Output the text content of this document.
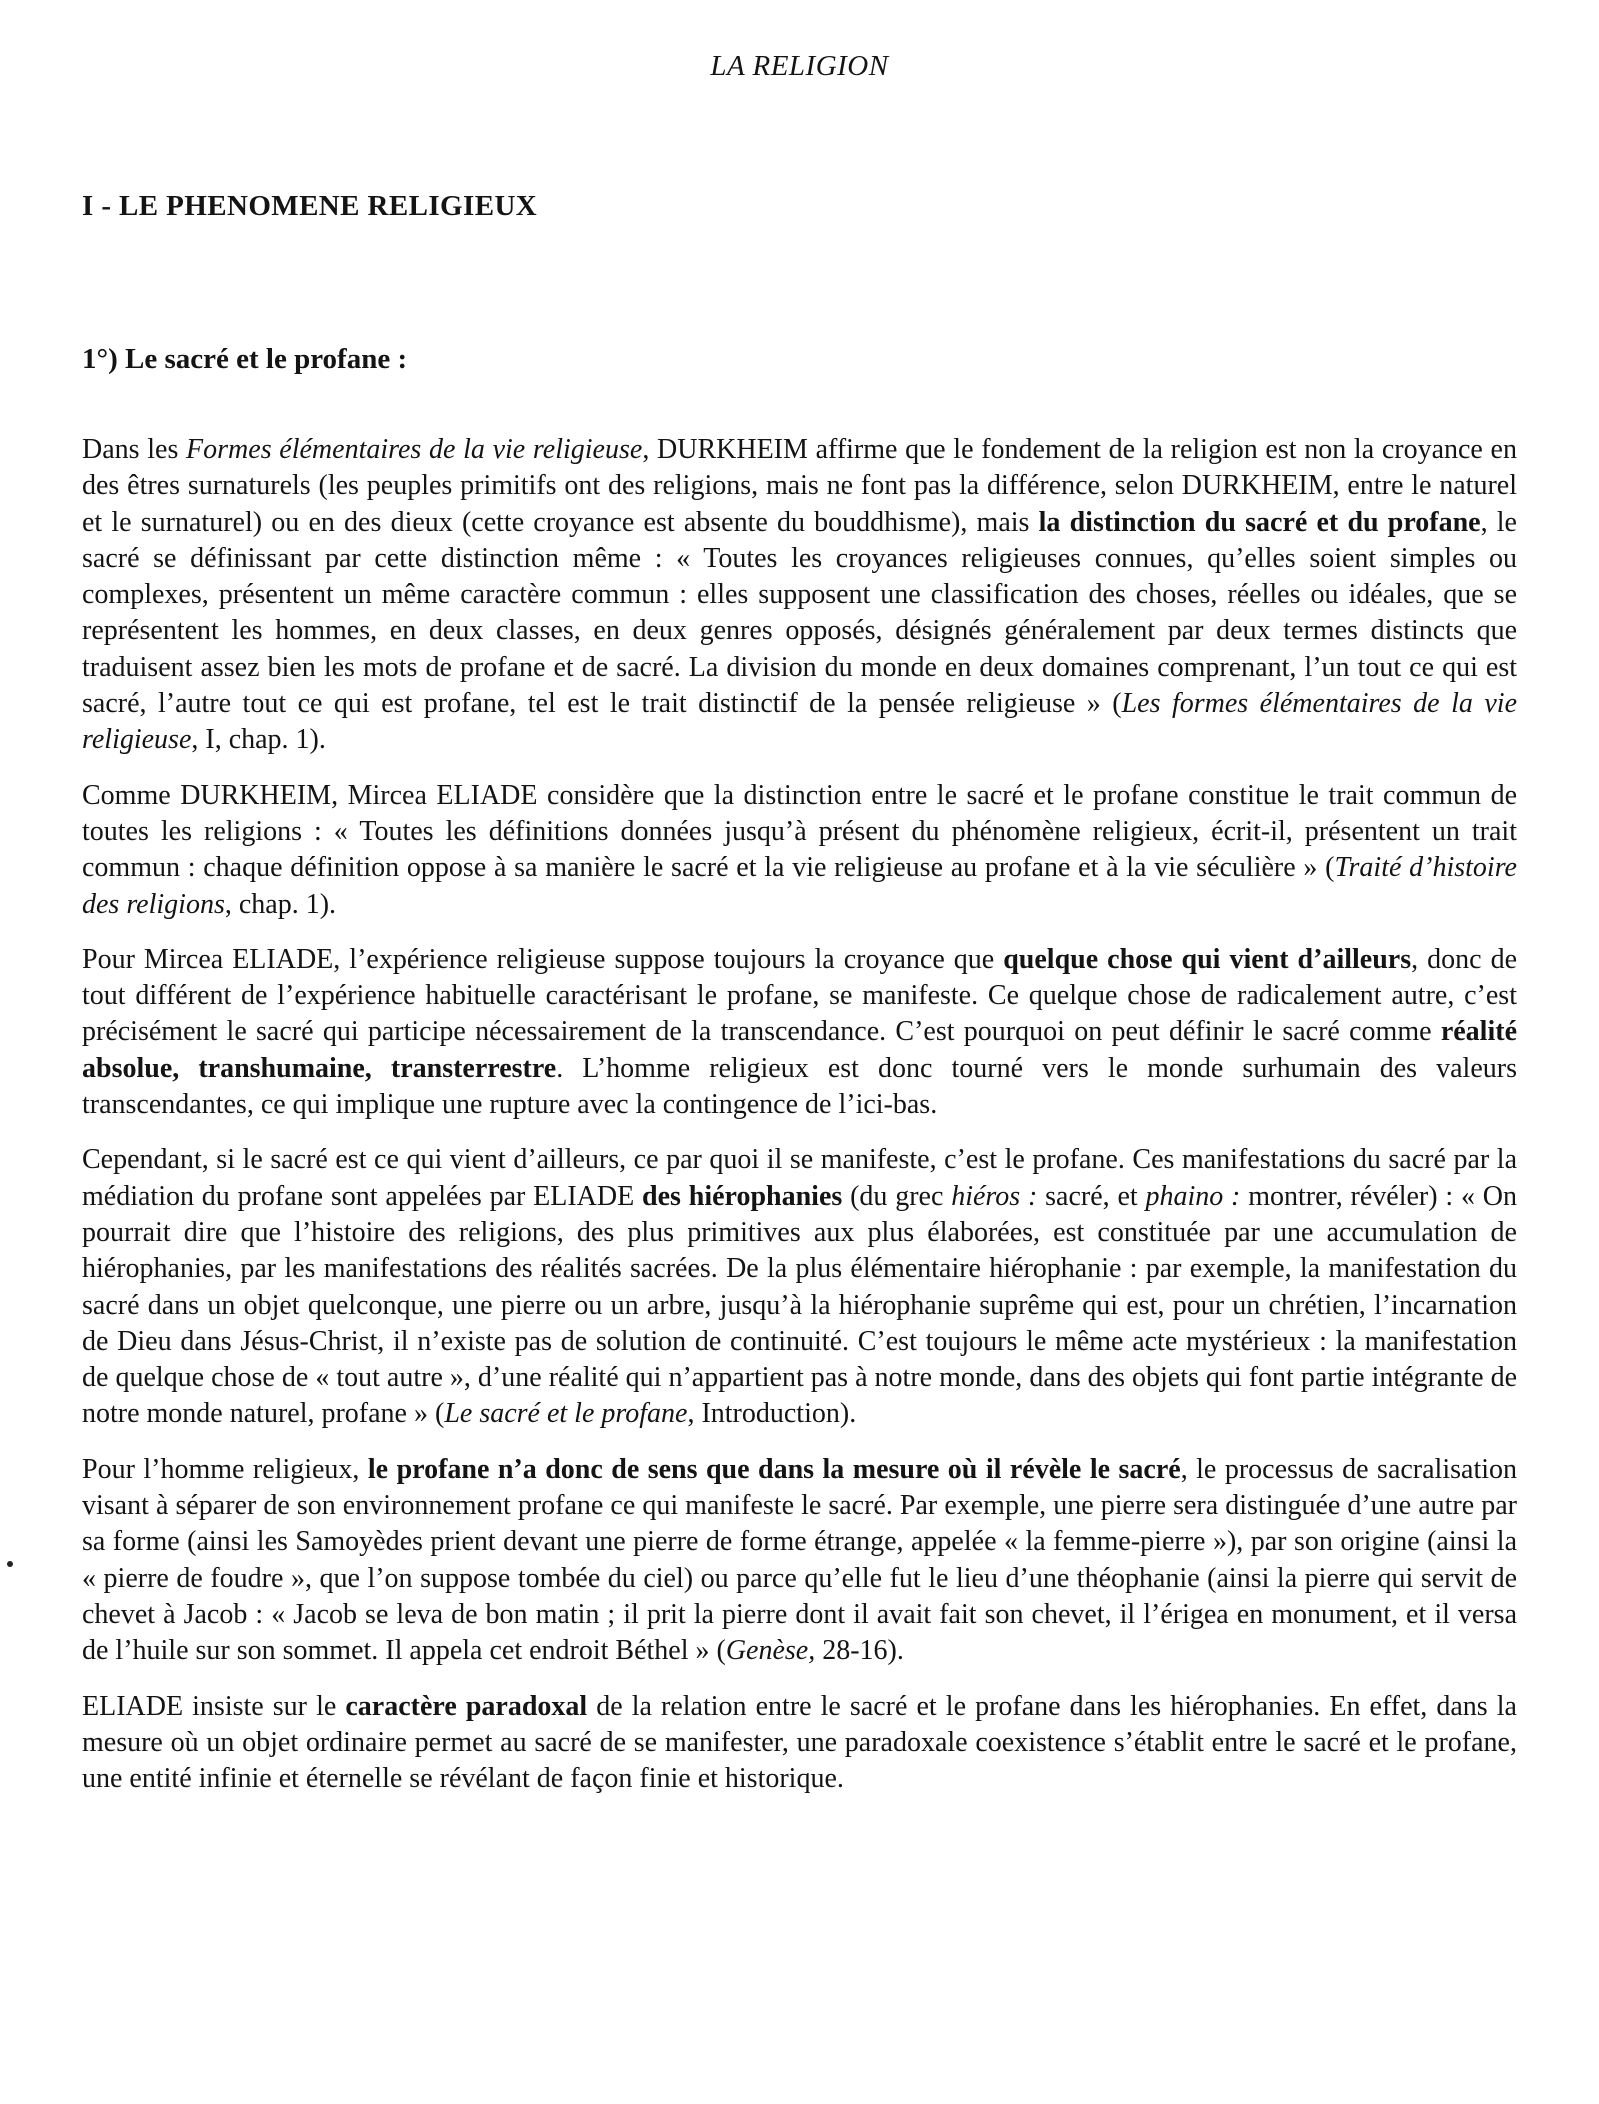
LA RELIGION
I - LE PHENOMENE RELIGIEUX
1°) Le sacré et le profane :

Dans les Formes élémentaires de la vie religieuse, DURKHEIM affirme que le fondement de la religion est non la croyance en des êtres surnaturels (les peuples primitifs ont des religions, mais ne font pas la différence, selon DURKHEIM, entre le naturel et le surnaturel) ou en des dieux (cette croyance est absente du bouddhisme), mais la distinction du sacré et du profane, le sacré se définissant par cette distinction même : « Toutes les croyances religieuses connues, qu’elles soient simples ou complexes, présentent un même caractère commun : elles supposent une classification des choses, réelles ou idéales, que se représentent les hommes, en deux classes, en deux genres opposés, désignés généralement par deux termes distincts que traduisent assez bien les mots de profane et de sacré. La division du monde en deux domaines comprenant, l’un tout ce qui est sacré, l’autre tout ce qui est profane, tel est le trait distinctif de la pensée religieuse » (Les formes élémentaires de la vie religieuse, I, chap. 1).

Comme DURKHEIM, Mircea ELIADE considère que la distinction entre le sacré et le profane constitue le trait commun de toutes les religions : « Toutes les définitions données jusqu’à présent du phénomène religieux, écrit-il, présentent un trait commun : chaque définition oppose à sa manière le sacré et la vie religieuse au profane et à la vie séculière » (Traité d’histoire des religions, chap. 1).

Pour Mircea ELIADE, l’expérience religieuse suppose toujours la croyance que quelque chose qui vient d’ailleurs, donc de tout différent de l’expérience habituelle caractérisant le profane, se manifeste. Ce quelque chose de radicalement autre, c’est précisément le sacré qui participe nécessairement de la transcendance. C’est pourquoi on peut définir le sacré comme réalité absolue, transhumaine, transterrestre. L’homme religieux est donc tourné vers le monde surhumain des valeurs transcendantes, ce qui implique une rupture avec la contingence de l’ici-bas.

Cependant, si le sacré est ce qui vient d’ailleurs, ce par quoi il se manifeste, c’est le profane. Ces manifestations du sacré par la médiation du profane sont appelées par ELIADE des hiérophanies (du grec hiéros : sacré, et phaino : montrer, révéler) : « On pourrait dire que l’histoire des religions, des plus primitives aux plus élaborées, est constituée par une accumulation de hiérophanies, par les manifestations des réalités sacrées. De la plus élémentaire hiérophanie : par exemple, la manifestation du sacré dans un objet quelconque, une pierre ou un arbre, jusqu’à la hiérophanie suprême qui est, pour un chrétien, l’incarnation de Dieu dans Jésus-Christ, il n’existe pas de solution de continuité. C’est toujours le même acte mystérieux : la manifestation de quelque chose de « tout autre », d’une réalité qui n’appartient pas à notre monde, dans des objets qui font partie intégrante de notre monde naturel, profane » (Le sacré et le profane, Introduction).

Pour l’homme religieux, le profane n’a donc de sens que dans la mesure où il révèle le sacré, le processus de sacralisation visant à séparer de son environnement profane ce qui manifeste le sacré. Par exemple, une pierre sera distinguée d’une autre par sa forme (ainsi les Samoyèdes prient devant une pierre de forme étrange, appelée « la femme-pierre »), par son origine (ainsi la « pierre de foudre », que l’on suppose tombée du ciel) ou parce qu’elle fut le lieu d’une théophanie (ainsi la pierre qui servit de chevet à Jacob : « Jacob se leva de bon matin ; il prit la pierre dont il avait fait son chevet, il l’érigea en monument, et il versa de l’huile sur son sommet. Il appela cet endroit Béthel » (Genèse, 28-16).

ELIADE insiste sur le caractère paradoxal de la relation entre le sacré et le profane dans les hiérophanies. En effet, dans la mesure où un objet ordinaire permet au sacré de se manifester, une paradoxale coexistence s’établit entre le sacré et le profane, une entité infinie et éternelle se révélant de façon finie et historique.
